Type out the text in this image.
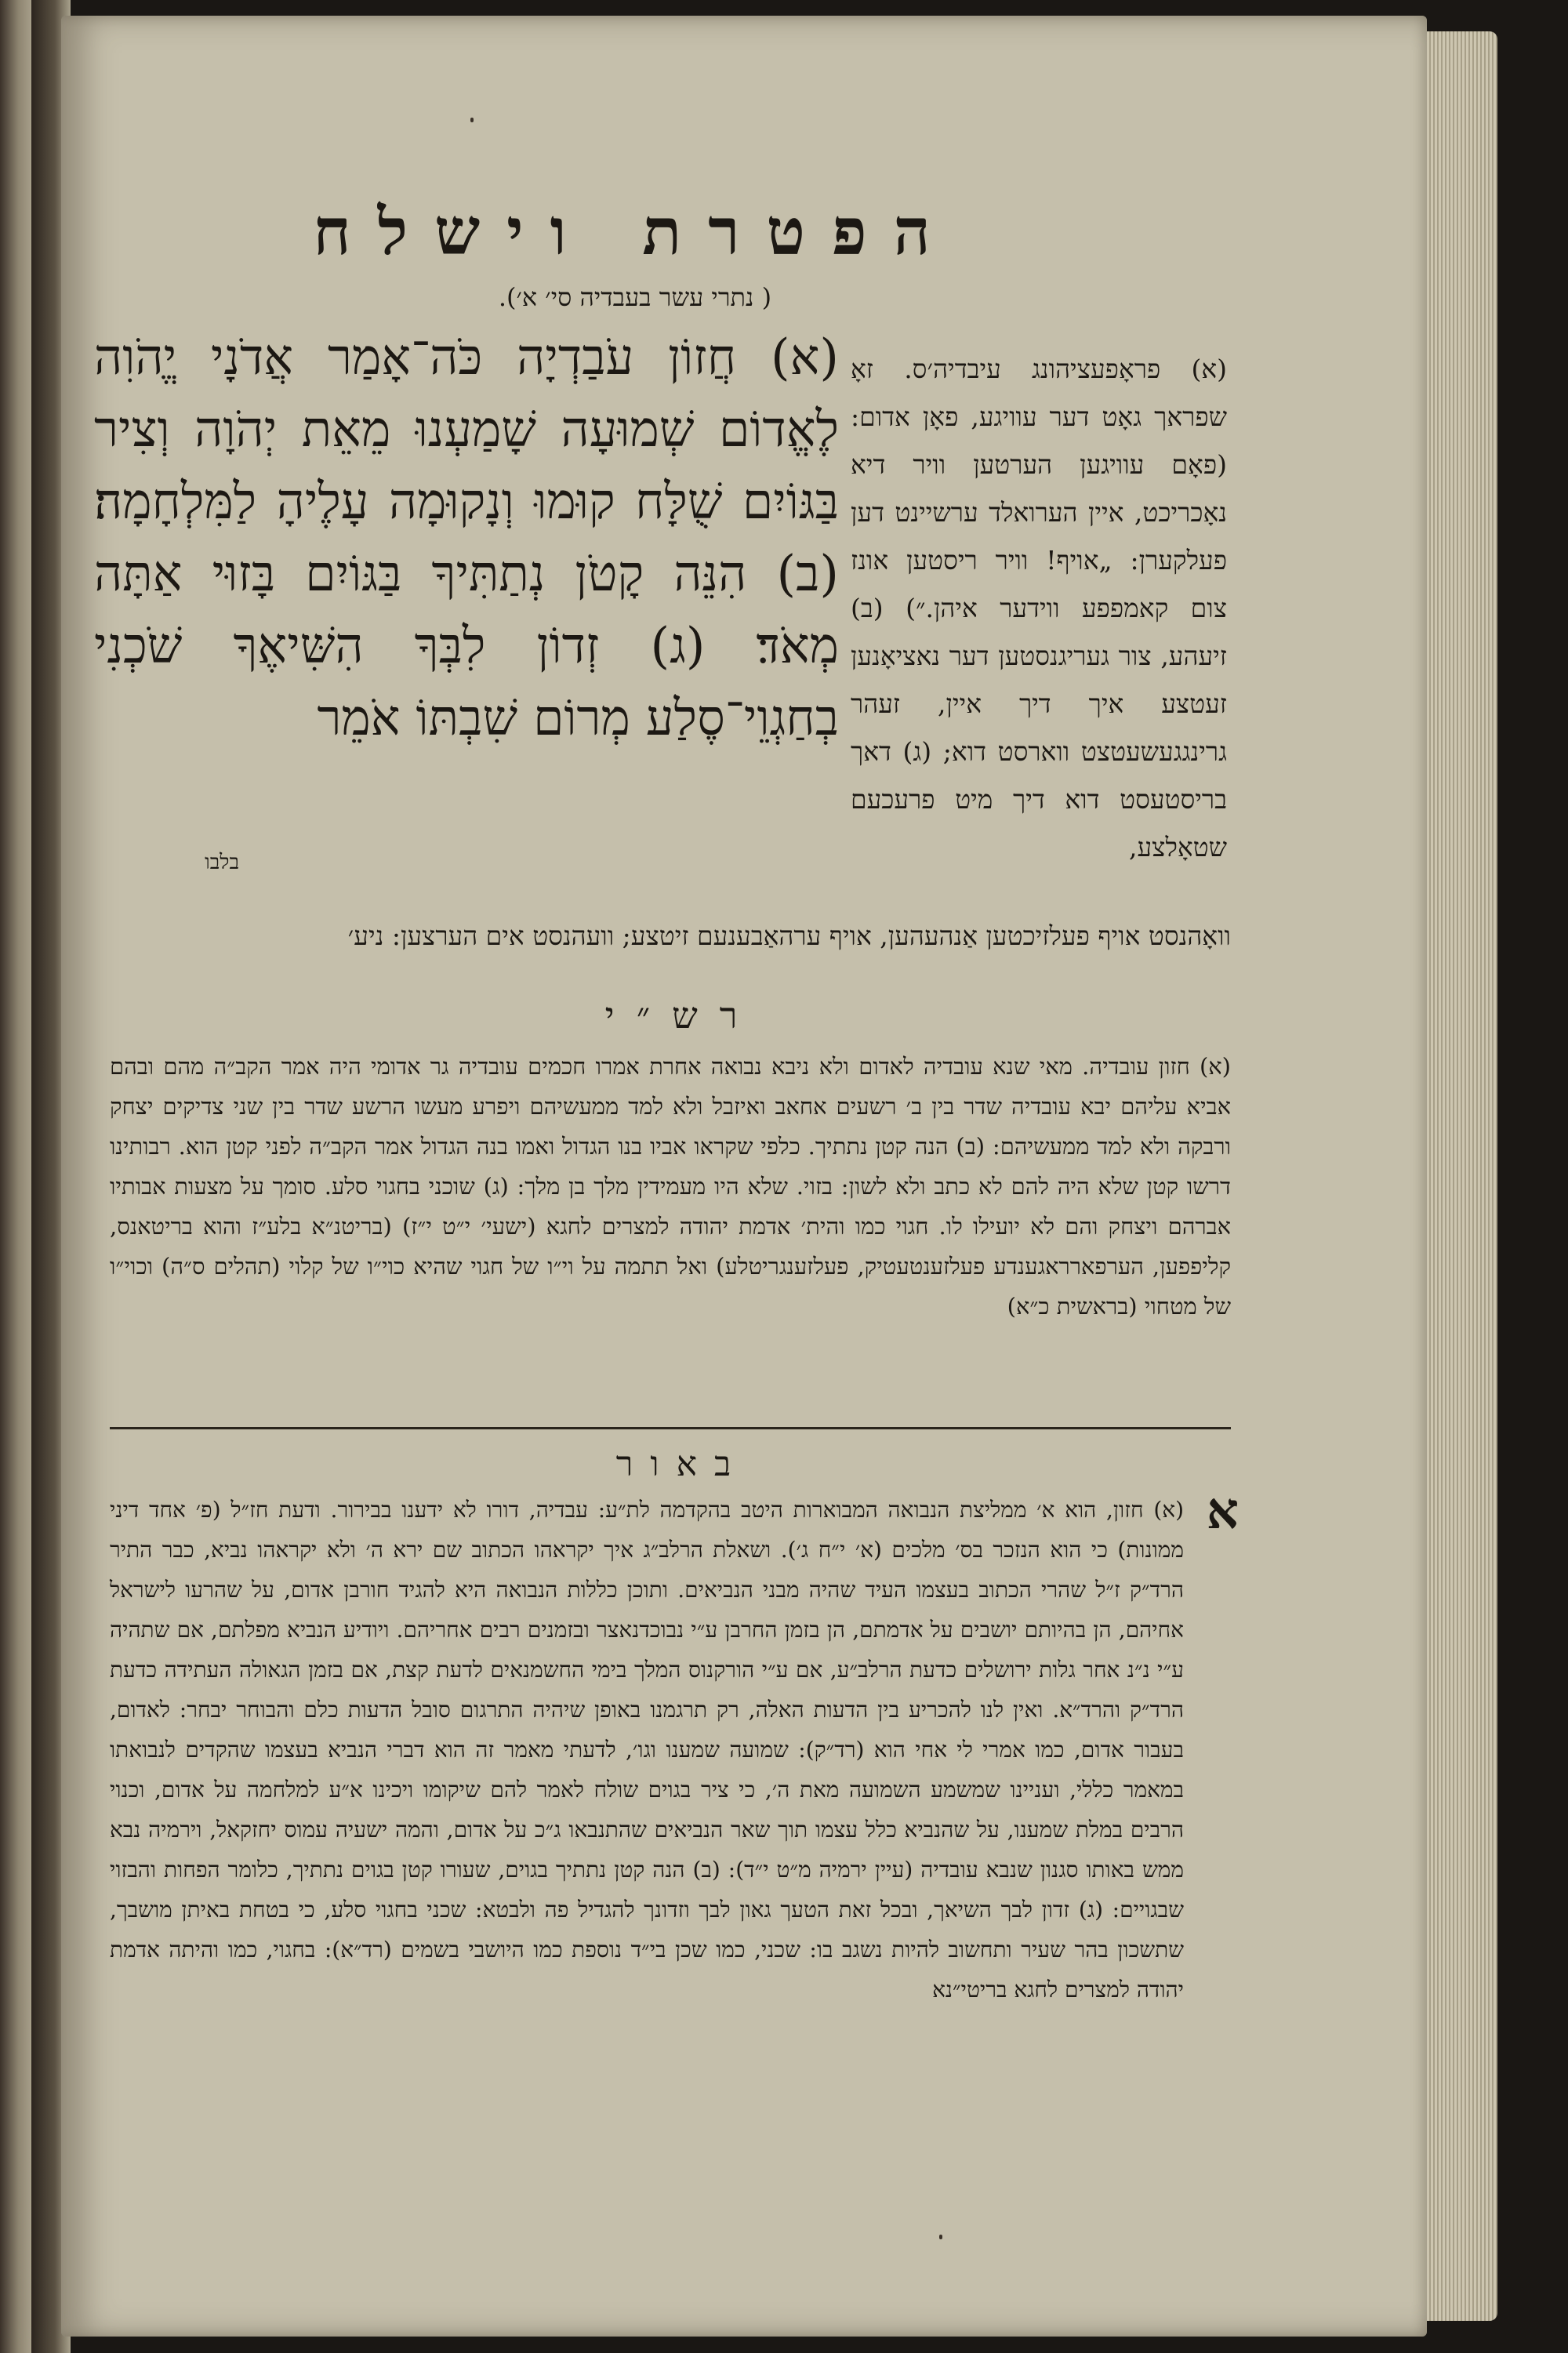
הפטרת וישלח
( נתרי עשר בעבדיה סי׳ א׳).
(א) חֲזוֹן עֹבַדְיָה כֹּה־אָמַר אֲדֹנָי יֱהֹוִה לֶאֱדוֹם שְׁמוּעָה שָׁמַעְנוּ מֵאֵת יְהֹוָה וְצִיר בַּגּוֹיִם שֻׁלָּח קוּמוּ וְנָקוּמָה עָלֶיהָ לַמִּלְחָמָה׃ (ב) הִנֵּה קָטֹן נְתַתִּיךָ בַּגּוֹיִם בָּזוּי אַתָּה מְאֹד׃ (ג) זְדוֹן לִבְּךָ הִשִּׁיאֶךָ שֹׁכְנִי בְחַגְוֵי־סֶלַע מְרוֹם שִׁבְתּוֹ אֹמֵר
בלבו
(א) פראָפעציהונג עיבדיה׳ס. זאָ שפראך גאָט דער עוויגע, פאָן אדום: (פאָם עוויגען הערטען וויר דיא נאָכריכט, איין הערואלד ערשיינט דען פעלקערן: „אויף! וויר ריסטען אונז צום קאמפפע ווידער איהן.״) (ב) זיעהע, צור געריגנסטען דער נאציאָנען זעטצע איך דיך איין, זעהר גרינגגעשעטצט ווארסט דוא; (ג) דאך בריסטעסט דוא דיך מיט פרעכעם שטאָלצע,
וואָהנסט אויף פעלזיכטען אַנהעהען, אויף ערהאַבענעם זיטצע; וועהנסט אים הערצען: ניע׳
רש״י
(א) חזון עובדיה. מאי שנא עובדיה לאדום ולא ניבא נבואה אחרת אמרו חכמים עובדיה גר אדומי היה אמר הקב״ה מהם ובהם אביא עליהם יבא עובדיה שדר בין ב׳ רשעים אחאב ואיזבל ולא למד ממעשיהם ויפרע מעשו הרשע שדר בין שני צדיקים יצחק ורבקה ולא למד ממעשיהם: (ב) הנה קטן נתתיך. כלפי שקראו אביו בנו הגדול ואמו בנה הגדול אמר הקב״ה לפני קטן הוא. רבותינו דרשו קטן שלא היה להם לא כתב ולא לשון: בזוי. שלא היו מעמידין מלך בן מלך: (ג) שוכני בחגוי סלע. סומך על מצעות אבותיו אברהם ויצחק והם לא יועילו לו. חגוי כמו והית׳ אדמת יהודה למצרים לחגא (ישעי׳ י״ט י״ז) (בריטנ״א בלע״ז והוא בריטאנס, קליפפען, הערפארראגענדע פעלזענטעטיק, פעלזענגריטלע) ואל תתמה על וי״ו של חגוי שהיא כוי״ו של קלוי (תהלים ס״ה) וכוי״ו של מטחוי (בראשית כ״א)
באור
א
(א) חזון, הוא א׳ ממליצת הנבואה המבוארות היטב בהקדמה לת״ע: עבדיה, דורו לא ידענו בבירור. ודעת חז״ל (פ׳ אחד דיני ממונות) כי הוא הנזכר בס׳ מלכים (א׳ י״ח ג׳). ושאלת הרלב״ג איך יקראהו הכתוב שם ירא ה׳ ולא יקראהו נביא, כבר התיר הרד״ק ז״ל שהרי הכתוב בעצמו העיד שהיה מבני הנביאים. ותוכן כללות הנבואה היא להגיד חורבן אדום, על שהרעו לישראל אחיהם, הן בהיותם יושבים על אדמתם, הן בזמן החרבן ע״י נבוכדנאצר ובזמנים רבים אחריהם. ויודיע הנביא מפלתם, אם שתהיה ע״י נ״נ אחר גלות ירושלים כדעת הרלב״ע, אם ע״י הורקנוס המלך בימי החשמנאים לדעת קצת, אם בזמן הגאולה העתידה כדעת הרד״ק והרד״א. ואין לנו להכריע בין הדעות האלה, רק תרגמנו באופן שיהיה התרגום סובל הדעות כלם והבוחר יבחר: לאדום, בעבור אדום, כמו אמרי לי אחי הוא (רד״ק): שמועה שמענו וגו׳, לדעתי מאמר זה הוא דברי הנביא בעצמו שהקדים לנבואתו במאמר כללי, ועניינו שמשמע השמועה מאת ה׳, כי ציר בגוים שולח לאמר להם שיקומו ויכינו א״ע למלחמה על אדום, וכנוי הרבים במלת שמענו, על שהנביא כלל עצמו תוך שאר הנביאים שהתנבאו ג״כ על אדום, והמה ישעיה עמוס יחזקאל, וירמיה נבא ממש באותו סגנון שנבא עובדיה (עיין ירמיה מ״ט י״ד): (ב) הנה קטן נתתיך בגוים, שעורו קטן בגוים נתתיך, כלומר הפחות והבזוי שבגויים: (ג) זדון לבך השיאך, ובכל זאת הטעך גאון לבך וזדונך להגדיל פה ולבטא: שכני בחגוי סלע, כי בטחת באיתן מושבך, שתשכון בהר שעיר ותחשוב להיות נשגב בו: שכני, כמו שכן בי״ד נוספת כמו היושבי בשמים (רד״א): בחגוי, כמו והיתה אדמת יהודה למצרים לחגא בריטי״נא
